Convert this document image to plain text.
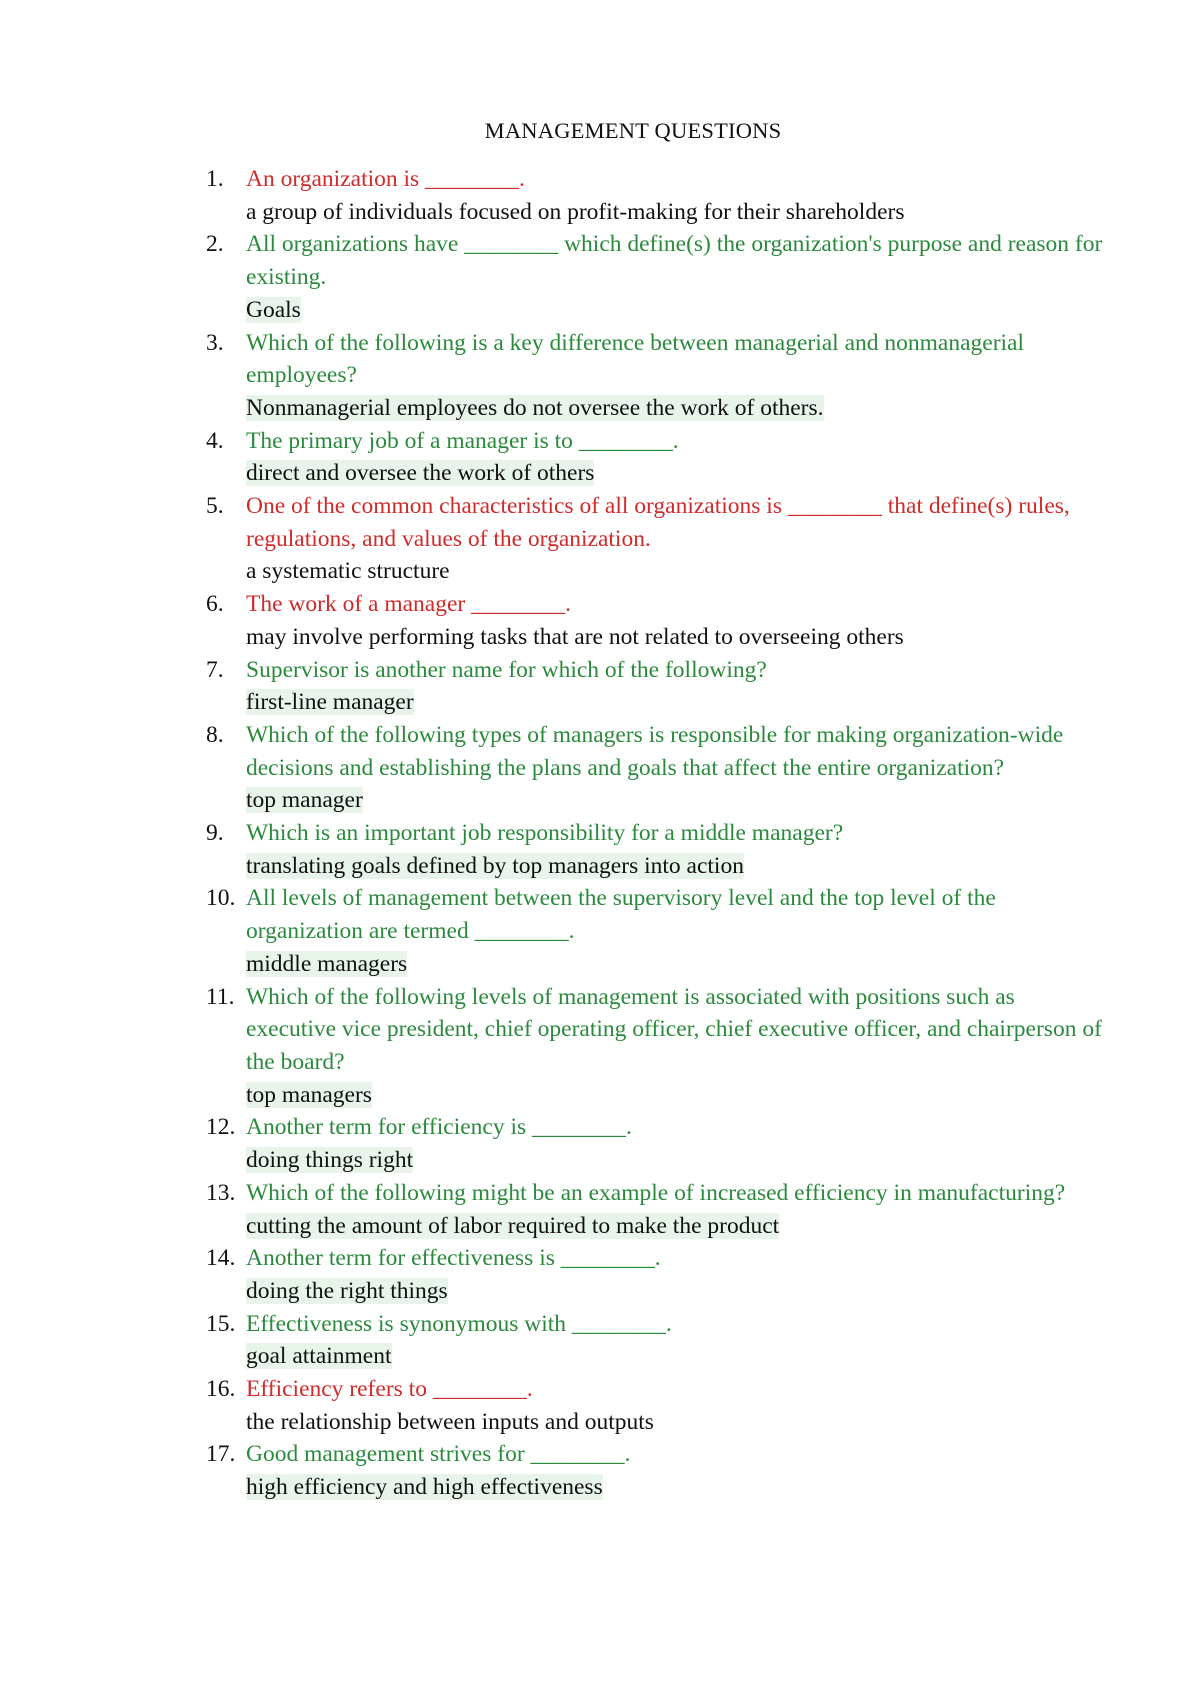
MANAGEMENT QUESTIONS
1. An organization is ________.
a group of individuals focused on profit-making for their shareholders
2. All organizations have ________ which define(s) the organization's purpose and reason for existing.
Goals
3. Which of the following is a key difference between managerial and nonmanagerial employees?
Nonmanagerial employees do not oversee the work of others.
4. The primary job of a manager is to ________.
direct and oversee the work of others
5. One of the common characteristics of all organizations is ________ that define(s) rules, regulations, and values of the organization.
a systematic structure
6. The work of a manager ________.
may involve performing tasks that are not related to overseeing others
7. Supervisor is another name for which of the following?
first-line manager
8. Which of the following types of managers is responsible for making organization-wide decisions and establishing the plans and goals that affect the entire organization?
top manager
9. Which is an important job responsibility for a middle manager?
translating goals defined by top managers into action
10. All levels of management between the supervisory level and the top level of the organization are termed ________.
middle managers
11. Which of the following levels of management is associated with positions such as executive vice president, chief operating officer, chief executive officer, and chairperson of the board?
top managers
12. Another term for efficiency is ________.
doing things right
13. Which of the following might be an example of increased efficiency in manufacturing?
cutting the amount of labor required to make the product
14. Another term for effectiveness is ________.
doing the right things
15. Effectiveness is synonymous with ________.
goal attainment
16. Efficiency refers to ________.
the relationship between inputs and outputs
17. Good management strives for ________.
high efficiency and high effectiveness
